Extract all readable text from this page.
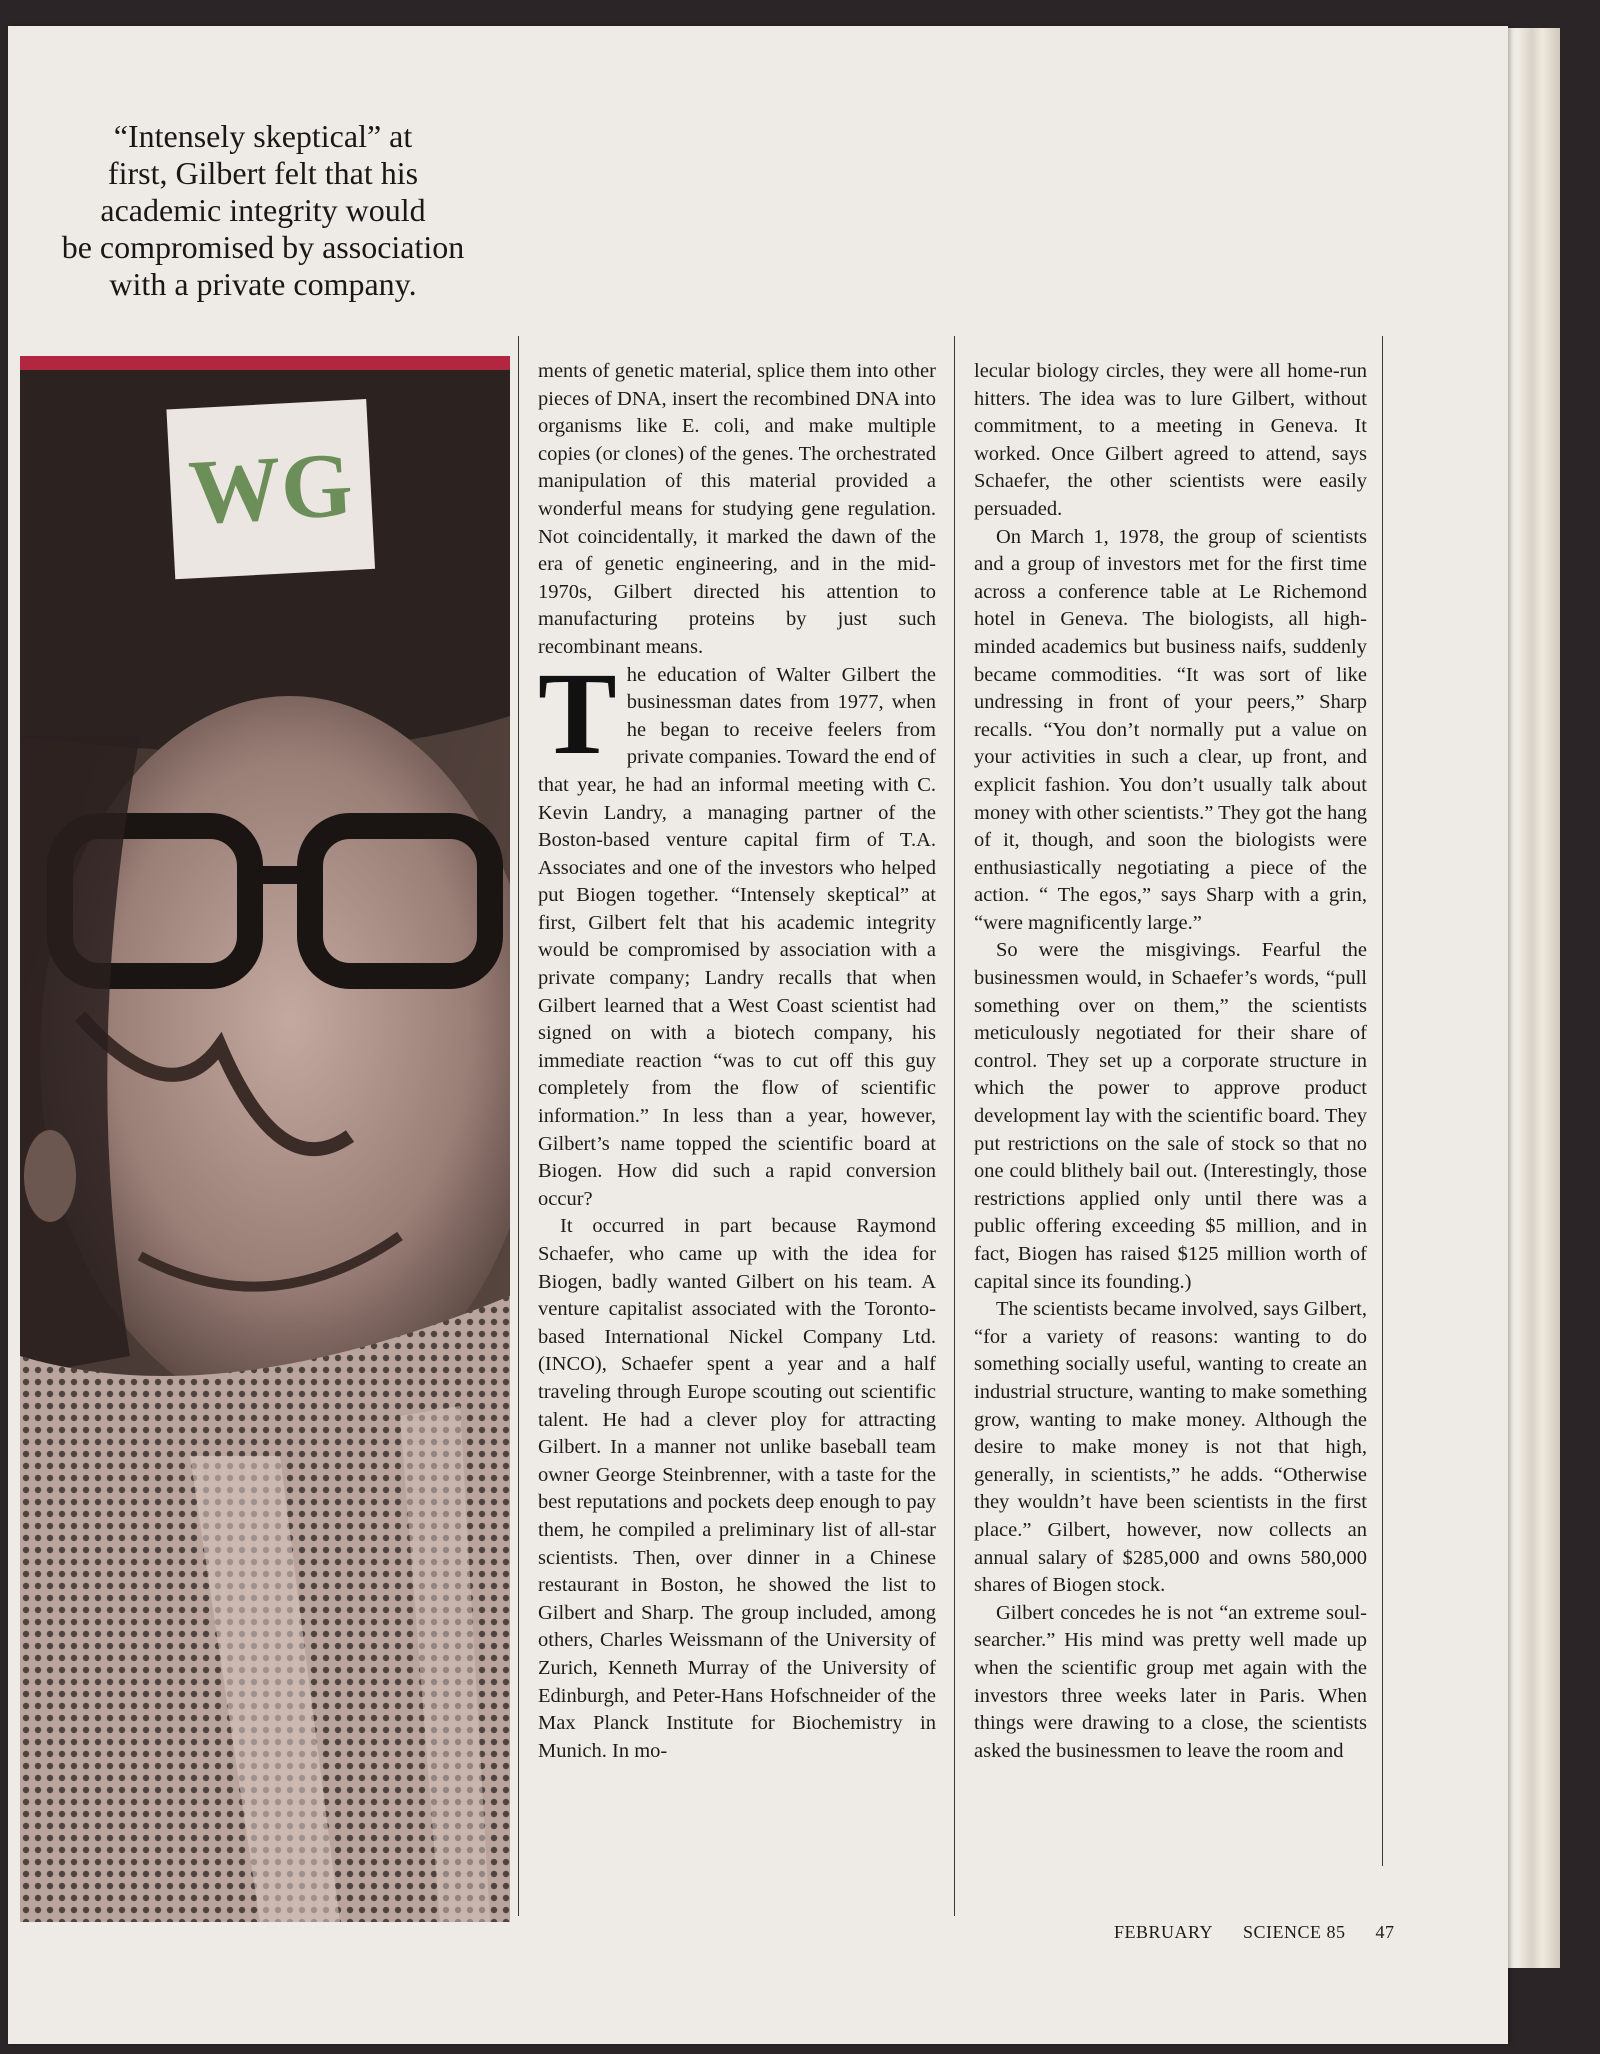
“Intensely skeptical” at
first, Gilbert felt that his
academic integrity would
be compromised by association
with a private company.
WG

ments of genetic material, splice them into other pieces of DNA, insert the recombined DNA into organisms like E. coli, and make multiple copies (or clones) of the genes. The orchestrated manipulation of this material provided a wonderful means for studying gene regulation. Not coincidentally, it marked the dawn of the era of genetic engineering, and in the mid-1970s, Gilbert directed his attention to manufacturing proteins by just such recombinant means.

T he education of Walter Gilbert the businessman dates from 1977, when he began to receive feelers from private companies. Toward the end of that year, he had an informal meeting with C. Kevin Landry, a managing partner of the Boston-based venture capital firm of T.A. Associates and one of the investors who helped put Biogen together. “Intensely skeptical” at first, Gilbert felt that his academic integrity would be compromised by association with a private company; Landry recalls that when Gilbert learned that a West Coast scientist had signed on with a biotech company, his immediate reaction “was to cut off this guy completely from the flow of scientific information.” In less than a year, however, Gilbert’s name topped the scientific board at Biogen. How did such a rapid conversion occur?

It occurred in part because Raymond Schaefer, who came up with the idea for Biogen, badly wanted Gilbert on his team. A venture capitalist associated with the Toronto-based International Nickel Company Ltd. (INCO), Schaefer spent a year and a half traveling through Europe scouting out scientific talent. He had a clever ploy for attracting Gilbert. In a manner not unlike baseball team owner George Steinbrenner, with a taste for the best reputations and pockets deep enough to pay them, he compiled a preliminary list of all-star scientists. Then, over dinner in a Chinese restaurant in Boston, he showed the list to Gilbert and Sharp. The group included, among others, Charles Weissmann of the University of Zurich, Kenneth Murray of the University of Edinburgh, and Peter-Hans Hofschneider of the Max Planck Institute for Biochemistry in Munich. In mo-

lecular biology circles, they were all home-run hitters. The idea was to lure Gilbert, without commitment, to a meeting in Geneva. It worked. Once Gilbert agreed to attend, says Schaefer, the other scientists were easily persuaded.

On March 1, 1978, the group of scientists and a group of investors met for the first time across a conference table at Le Richemond hotel in Geneva. The biologists, all high-minded academics but business naifs, suddenly became commodities. “It was sort of like undressing in front of your peers,” Sharp recalls. “You don’t normally put a value on your activities in such a clear, up front, and explicit fashion. You don’t usually talk about money with other scientists.” They got the hang of it, though, and soon the biologists were enthusiastically negotiating a piece of the action. “ The egos,” says Sharp with a grin, “were magnificently large.”

So were the misgivings. Fearful the businessmen would, in Schaefer’s words, “pull something over on them,” the scientists meticulously negotiated for their share of control. They set up a corporate structure in which the power to approve product development lay with the scientific board. They put restrictions on the sale of stock so that no one could blithely bail out. (Interestingly, those restrictions applied only until there was a public offering exceeding $5 million, and in fact, Biogen has raised $125 million worth of capital since its founding.)

The scientists became involved, says Gilbert, “for a variety of reasons: wanting to do something socially useful, wanting to create an industrial structure, wanting to make something grow, wanting to make money. Although the desire to make money is not that high, generally, in scientists,” he adds. “Otherwise they wouldn’t have been scientists in the first place.” Gilbert, however, now collects an annual salary of $285,000 and owns 580,000 shares of Biogen stock.

Gilbert concedes he is not “an extreme soul-searcher.” His mind was pretty well made up when the scientific group met again with the investors three weeks later in Paris. When things were drawing to a close, the scientists asked the businessmen to leave the room and

FEBRUARY SCIENCE 85 47
